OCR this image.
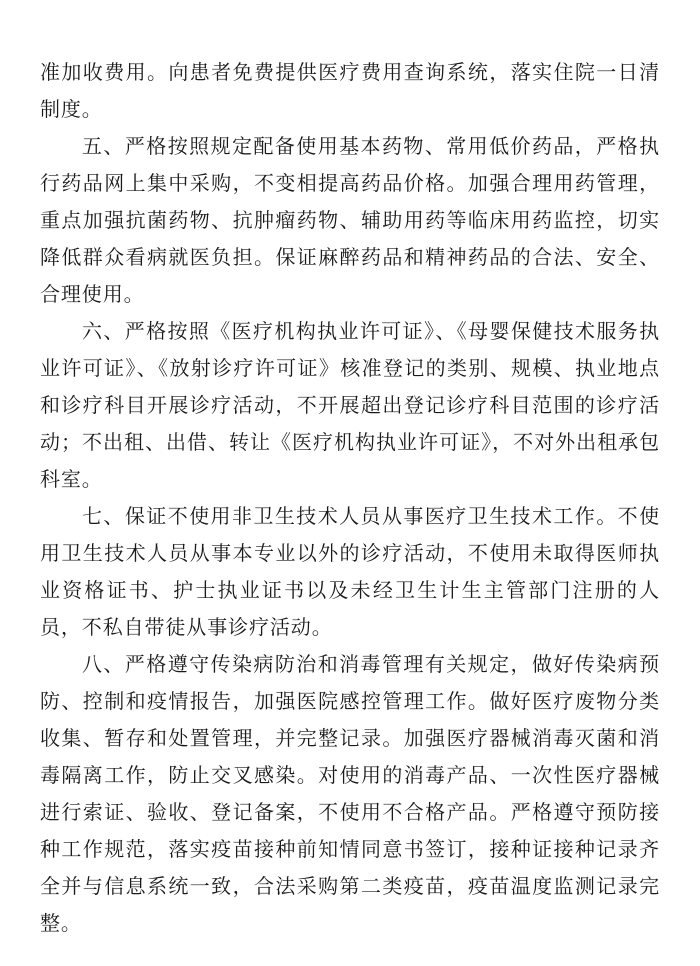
准加收费用。向患者免费提供医疗费用查询系统，落实住院一日清制度。

五、严格按照规定配备使用基本药物、常用低价药品，严格执行药品网上集中采购，不变相提高药品价格。加强合理用药管理，重点加强抗菌药物、抗肿瘤药物、辅助用药等临床用药监控，切实降低群众看病就医负担。保证麻醉药品和精神药品的合法、安全、合理使用。

六、严格按照《医疗机构执业许可证》、《母婴保健技术服务执业许可证》、《放射诊疗许可证》核准登记的类别、规模、执业地点和诊疗科目开展诊疗活动，不开展超出登记诊疗科目范围的诊疗活动；不出租、出借、转让《医疗机构执业许可证》，不对外出租承包科室。

七、保证不使用非卫生技术人员从事医疗卫生技术工作。不使用卫生技术人员从事本专业以外的诊疗活动，不使用未取得医师执业资格证书、护士执业证书以及未经卫生计生主管部门注册的人员，不私自带徒从事诊疗活动。

八、严格遵守传染病防治和消毒管理有关规定，做好传染病预防、控制和疫情报告，加强医院感控管理工作。做好医疗废物分类收集、暂存和处置管理，并完整记录。加强医疗器械消毒灭菌和消毒隔离工作，防止交叉感染。对使用的消毒产品、一次性医疗器械进行索证、验收、登记备案，不使用不合格产品。严格遵守预防接种工作规范，落实疫苗接种前知情同意书签订，接种证接种记录齐全并与信息系统一致，合法采购第二类疫苗，疫苗温度监测记录完整。
